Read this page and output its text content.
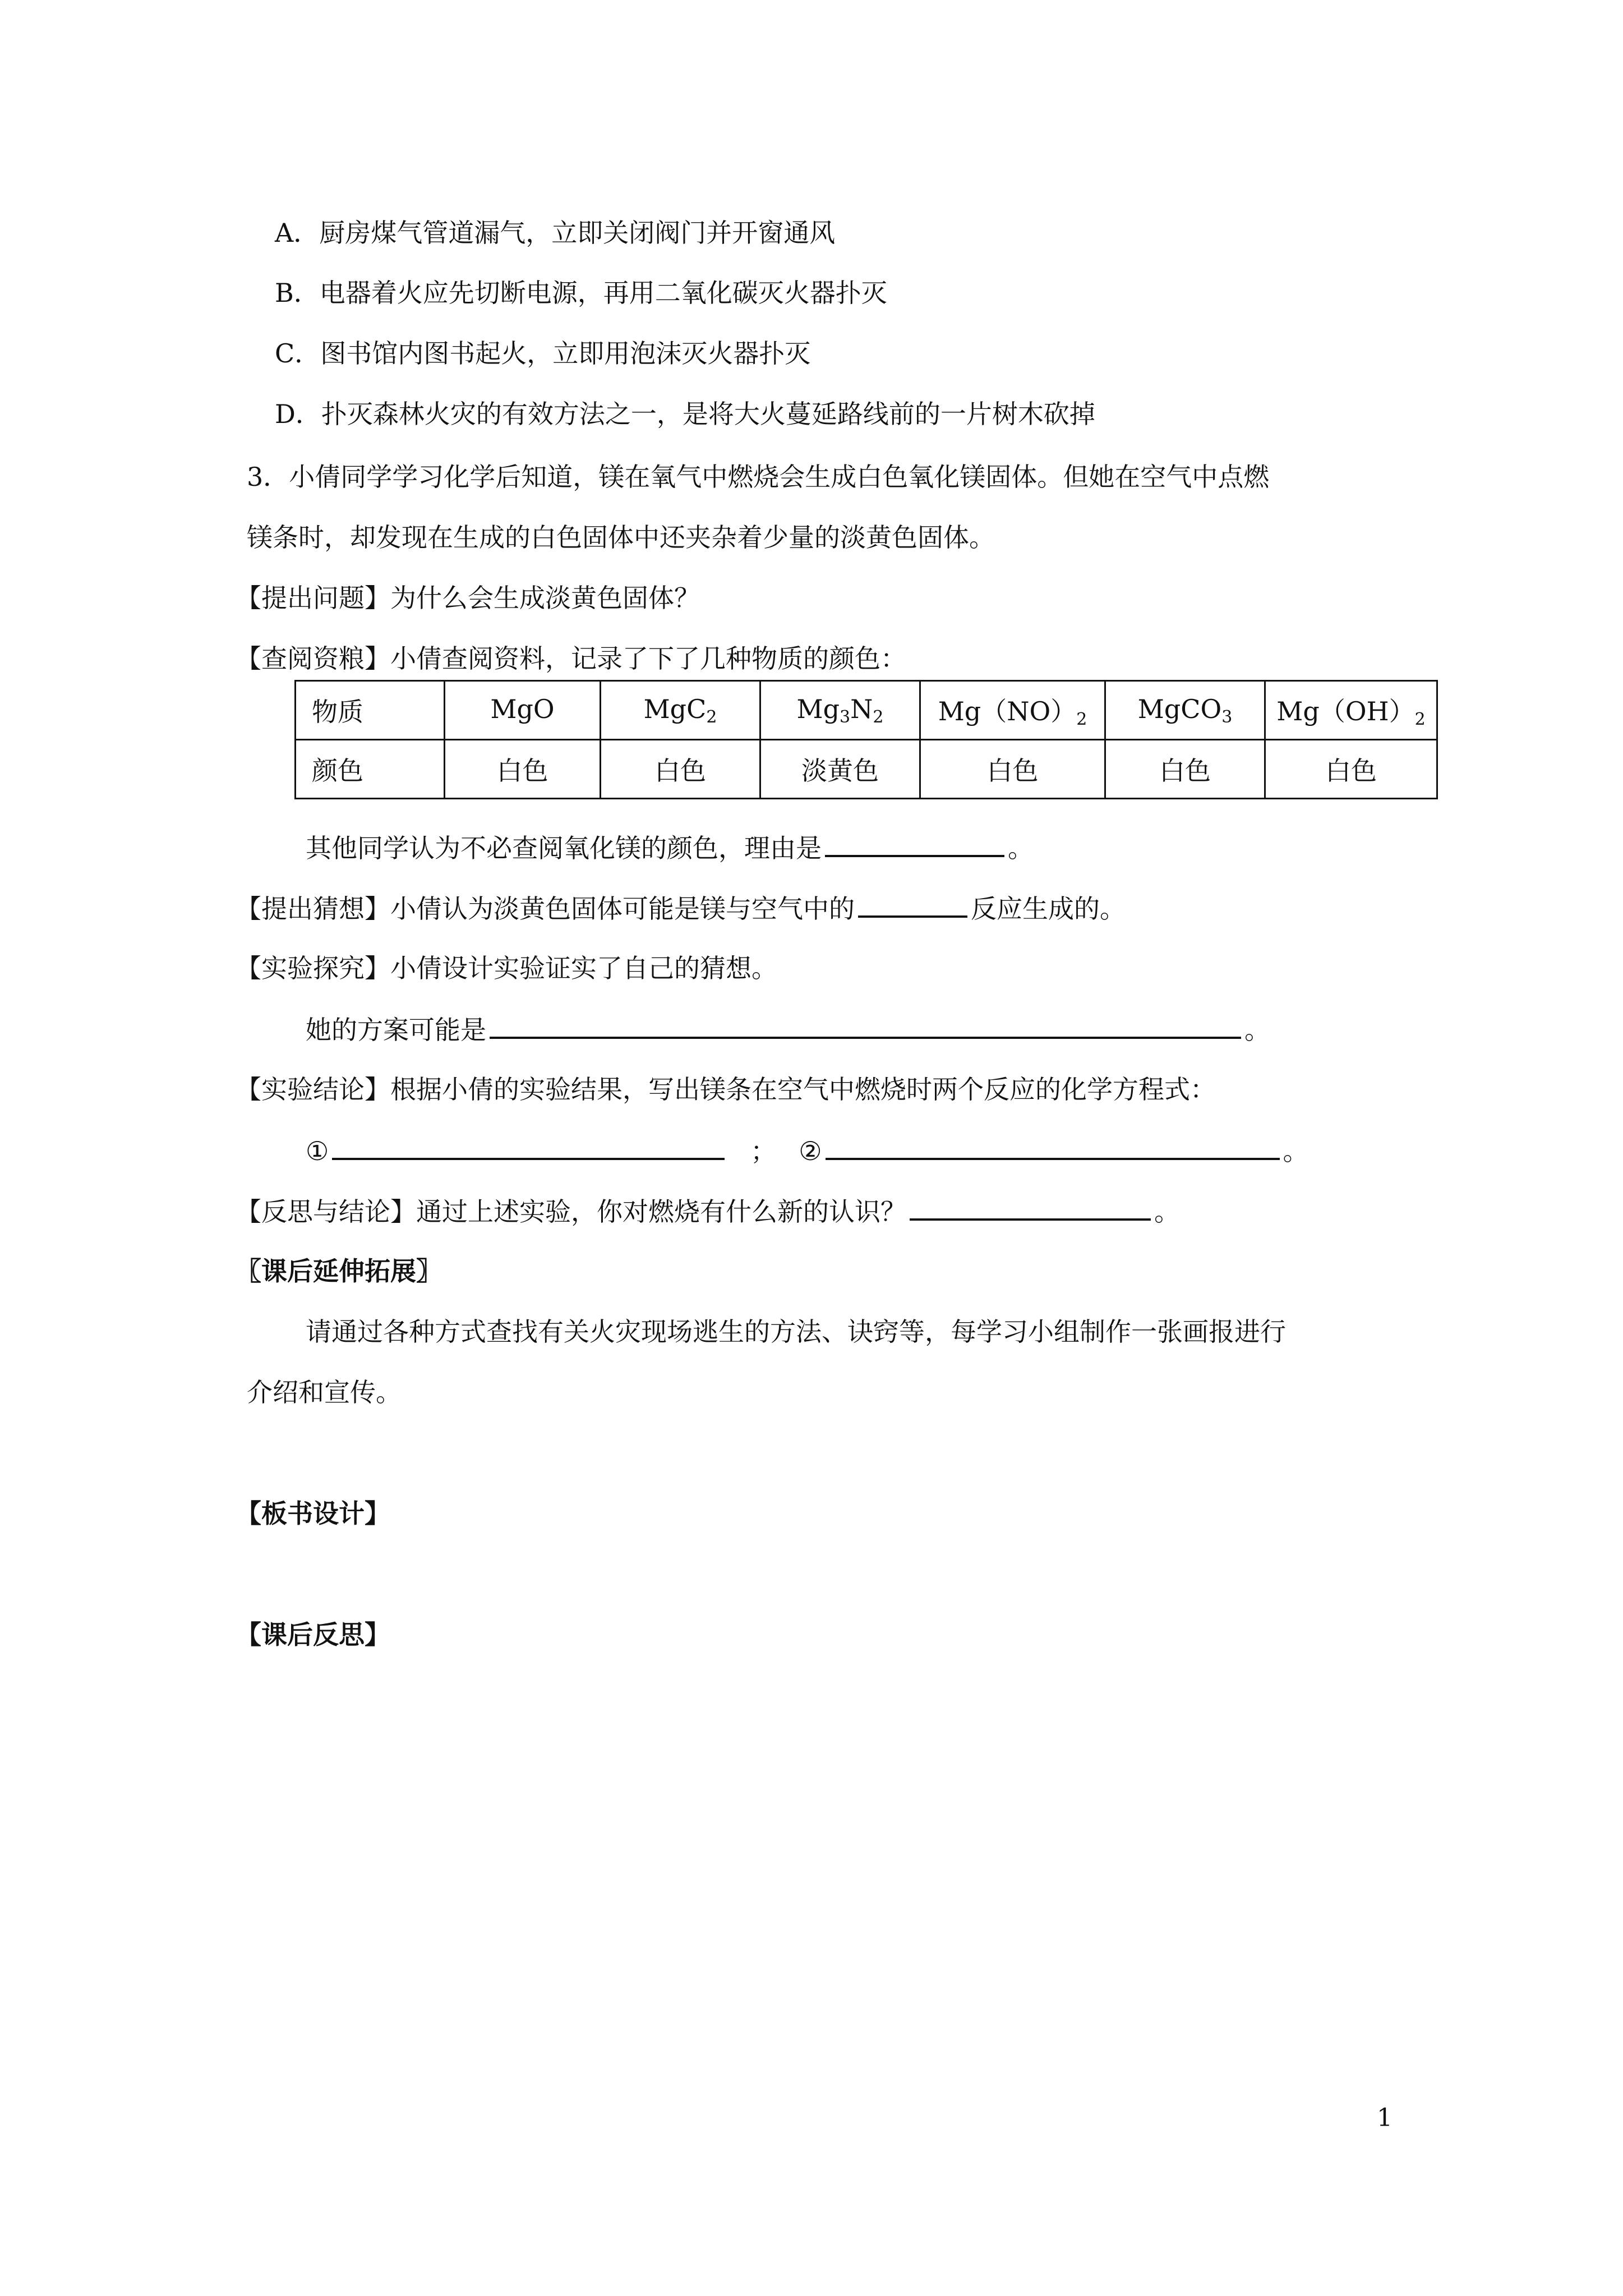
A．厨房煤气管道漏气，立即关闭阀门并开窗通风
B．电器着火应先切断电源，再用二氧化碳灭火器扑灭
C．图书馆内图书起火，立即用泡沫灭火器扑灭
D．扑灭森林火灾的有效方法之一，是将大火蔓延路线前的一片树木砍掉
3．小倩同学学习化学后知道，镁在氧气中燃烧会生成白色氧化镁固体。但她在空气中点燃
镁条时，却发现在生成的白色固体中还夹杂着少量的淡黄色固体。
【提出问题】为什么会生成淡黄色固体？
【查阅资粮】小倩查阅资料，记录了下了几种物质的颜色：
物质	MgO	MgC$_2$	$Mg_3N_2$	$Mg(NO)_2$	MgCO$_3$	$Mg(OH)_2$
颜色	白色	白色	淡黄色	白色	白色	白色
其他同学认为不必查阅氧化镁的颜色，理由是	。
【提出猜想】小倩认为淡黄色固体可能是镁与空气中的	反应生成的。
【实验探究】小倩设计实验证实了自己的猜想。
她的方案可能是	。
【实验结论】根据小倩的实验结果，写出镁条在空气中燃烧时两个反应的化学方程式：
①	； ②	。
【反思与结论】通过上述实验，你对燃烧有什么新的认识？	。
〖课后延伸拓展〗
请通过各种方式查找有关火灾现场逃生的方法、诀窍等，每学习小组制作一张画报进行
介绍和宣传。
【板书设计】
【课后反思】
1
